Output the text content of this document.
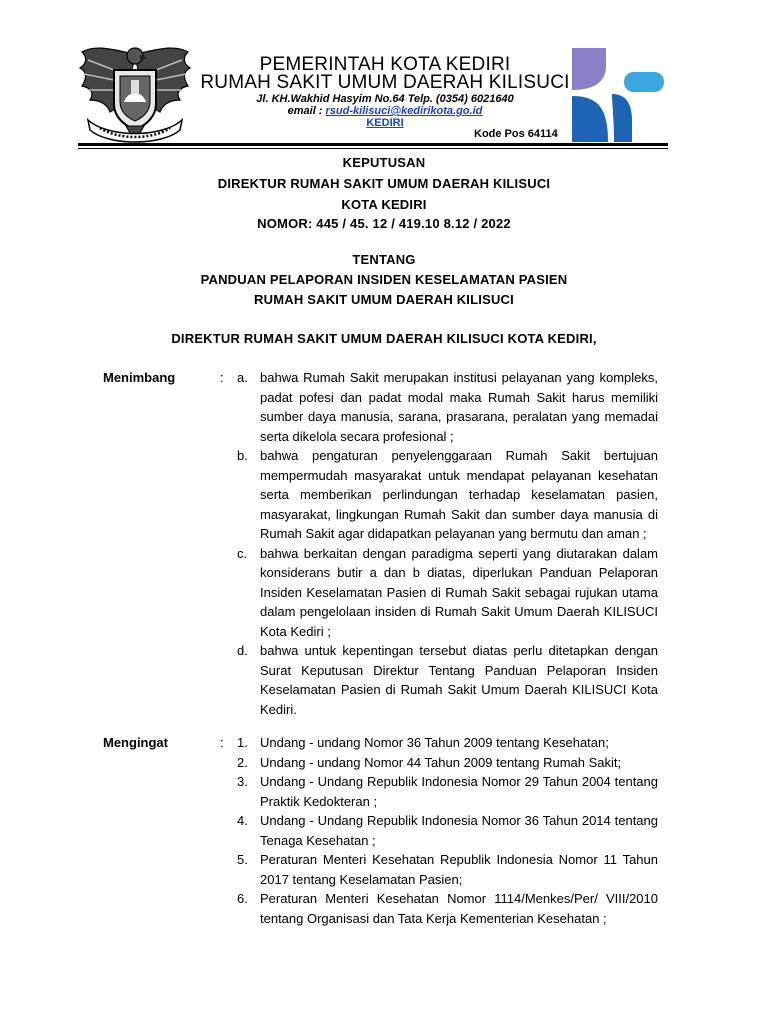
PEMERINTAH KOTA KEDIRI
RUMAH SAKIT UMUM DAERAH KILISUCI
Jl. KH.Wakhid Hasyim No.64 Telp. (0354) 6021640
email : rsud-kilisuci@kedirikota.go.id
KEDIRI
Kode Pos 64114
KEPUTUSAN
DIREKTUR RUMAH SAKIT UMUM DAERAH KILISUCI
KOTA KEDIRI
NOMOR: 445 / 45. 12 / 419.10 8.12 / 2022
TENTANG
PANDUAN PELAPORAN INSIDEN KESELAMATAN PASIEN
RUMAH SAKIT UMUM DAERAH KILISUCI
DIREKTUR RUMAH SAKIT UMUM DAERAH KILISUCI KOTA KEDIRI,
Menimbang	: a. bahwa Rumah Sakit merupakan institusi pelayanan yang kompleks, padat pofesi dan padat modal maka Rumah Sakit harus memiliki sumber daya manusia, sarana, prasarana, peralatan yang memadai serta dikelola secara profesional ;
b. bahwa pengaturan penyelenggaraan Rumah Sakit bertujuan mempermudah masyarakat untuk mendapat pelayanan kesehatan serta memberikan perlindungan terhadap keselamatan pasien, masyarakat, lingkungan Rumah Sakit dan sumber daya manusia di Rumah Sakit agar didapatkan pelayanan yang bermutu dan aman ;
c. bahwa berkaitan dengan paradigma seperti yang diutarakan dalam konsiderans butir a dan b diatas, diperlukan Panduan Pelaporan Insiden Keselamatan Pasien di Rumah Sakit sebagai rujukan utama dalam pengelolaan insiden di Rumah Sakit Umum Daerah KILISUCI Kota Kediri ;
d. bahwa untuk kepentingan tersebut diatas perlu ditetapkan dengan Surat Keputusan Direktur Tentang Panduan Pelaporan Insiden Keselamatan Pasien di Rumah Sakit Umum Daerah KILISUCI Kota Kediri.
Mengingat	: 1. Undang - undang Nomor 36 Tahun 2009 tentang Kesehatan;
2. Undang - undang Nomor 44 Tahun 2009 tentang Rumah Sakit;
3. Undang - Undang Republik Indonesia Nomor 29 Tahun 2004 tentang Praktik Kedokteran ;
4. Undang - Undang Republik Indonesia Nomor 36 Tahun 2014 tentang Tenaga Kesehatan ;
5. Peraturan Menteri Kesehatan Republik Indonesia Nomor 11 Tahun 2017 tentang Keselamatan Pasien;
6. Peraturan Menteri Kesehatan Nomor 1114/Menkes/Per/ VIII/2010 tentang Organisasi dan Tata Kerja Kementerian Kesehatan ;
